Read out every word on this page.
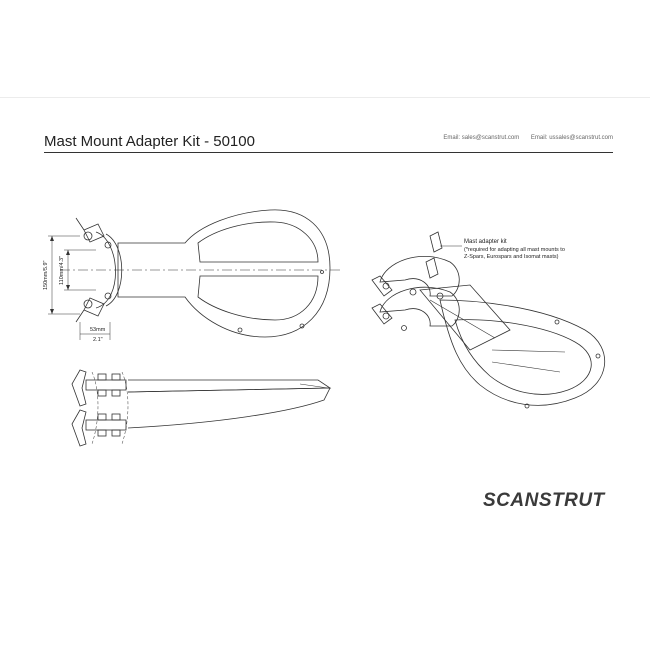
Mast Mount Adapter Kit - 50100	Email: sales@scanstrut.com Email: ussales@scanstrut.com
150mm/5.9" 110mm/4.3"
53mm
2.1"
Mast adapter kit
(*required for adapting all mast mounts to
Z-Spars, Eurospars and Isomat masts)
SCANSTRUT
